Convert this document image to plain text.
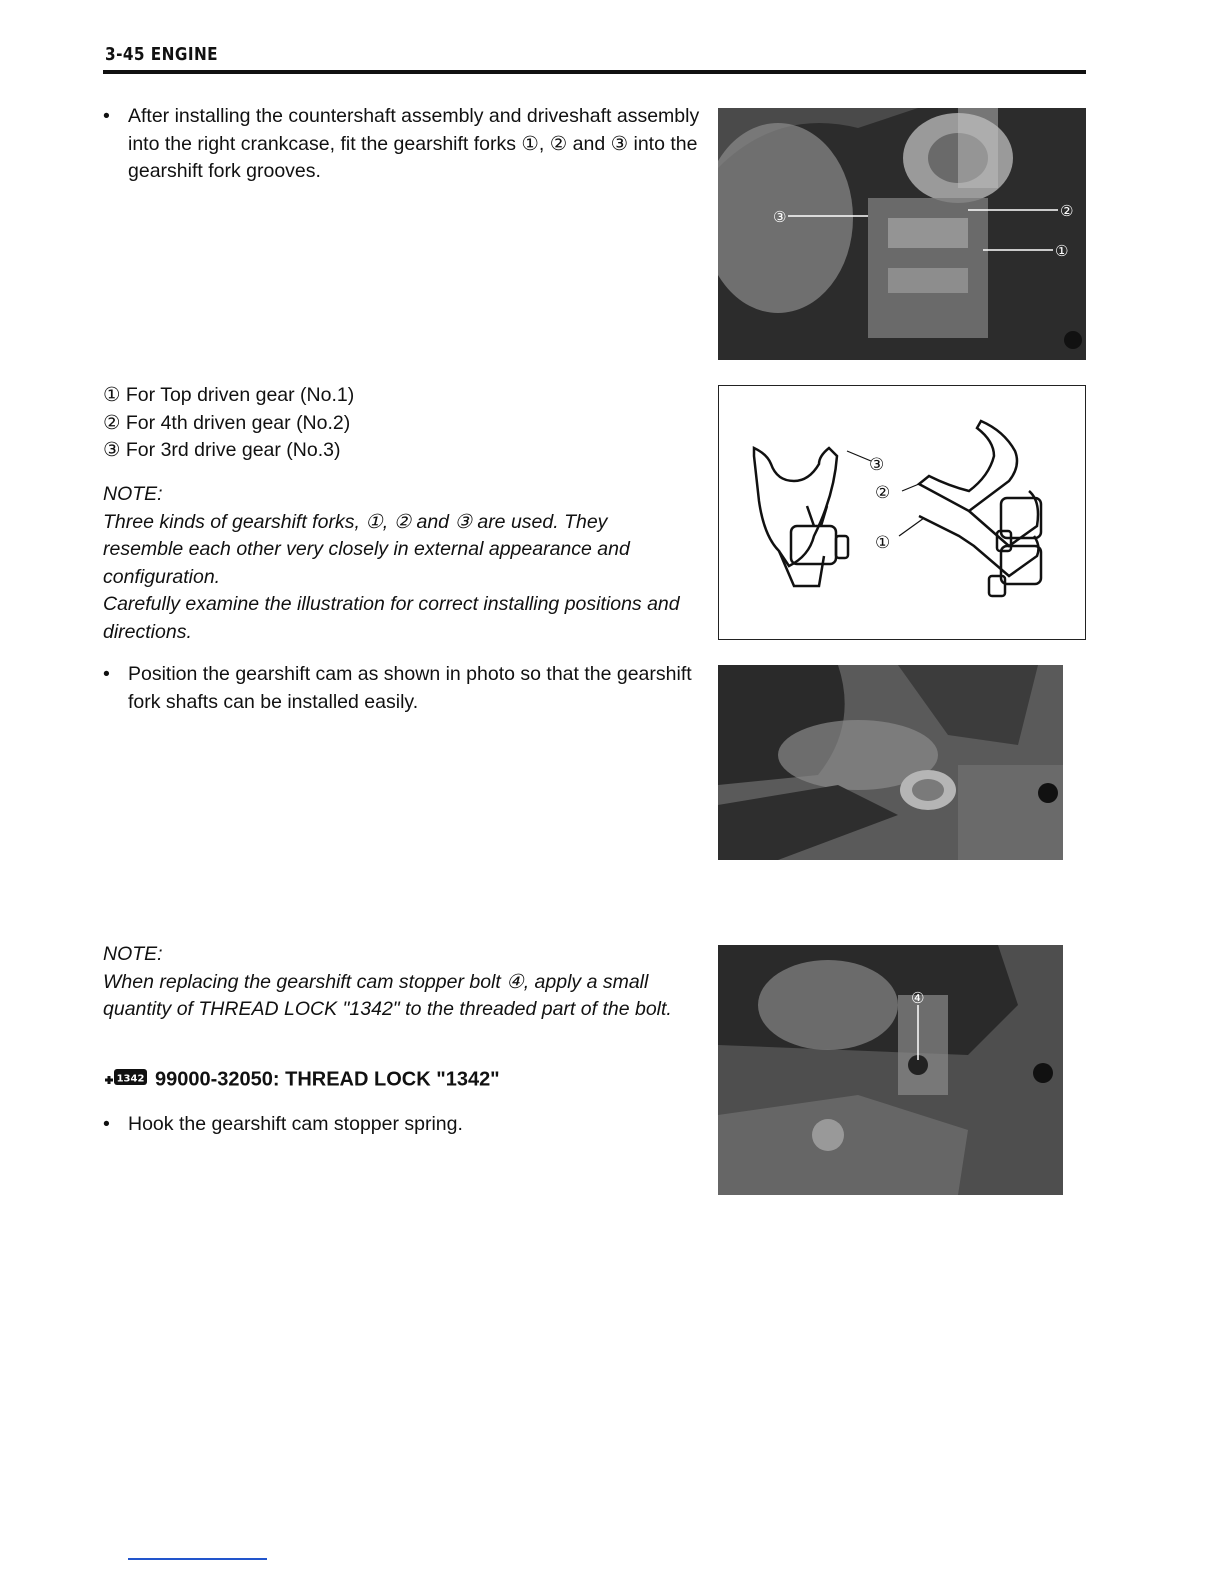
3-45 ENGINE
• After installing the countershaft assembly and driveshaft assembly into the right crankcase, fit the gearshift forks ①, ② and ③ into the gearshift fork grooves.
③	②
①
① For Top driven gear (No.1)
② For 4th driven gear (No.2)
③ For 3rd drive gear (No.3)
NOTE:
Three kinds of gearshift forks, ①, ② and ③ are used. They resemble each other very closely in external appearance and configuration.
Carefully examine the illustration for correct installing positions and directions.
③
②
①
• Position the gearshift cam as shown in photo so that the gearshift fork shafts can be installed easily.
NOTE:
When replacing the gearshift cam stopper bolt ④, apply a small quantity of THREAD LOCK "1342" to the threaded part of the bolt.
1342 99000-32050: THREAD LOCK "1342"
• Hook the gearshift cam stopper spring.
④
